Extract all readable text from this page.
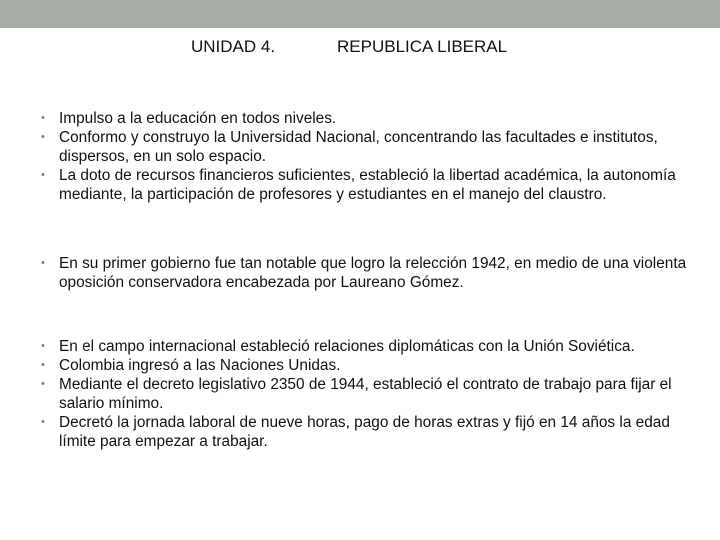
UNIDAD 4.	REPUBLICA LIBERAL
• Impulso a la educación en todos niveles.
• Conformo y construyo la Universidad Nacional, concentrando las facultades e institutos, dispersos, en un solo espacio.
• La doto de recursos financieros suficientes, estableció la libertad académica, la autonomía mediante, la participación de profesores y estudiantes en el manejo del claustro.
• En su primer gobierno fue tan notable que logro la relección 1942, en medio de una violenta oposición conservadora encabezada por Laureano Gómez.
• En el campo internacional estableció relaciones diplomáticas con la Unión Soviética.
• Colombia ingresó a las Naciones Unidas.
• Mediante el decreto legislativo 2350 de 1944, estableció el contrato de trabajo para fijar el salario mínimo.
• Decretó la jornada laboral de nueve horas, pago de horas extras y fijó en 14 años la edad límite para empezar a trabajar.
